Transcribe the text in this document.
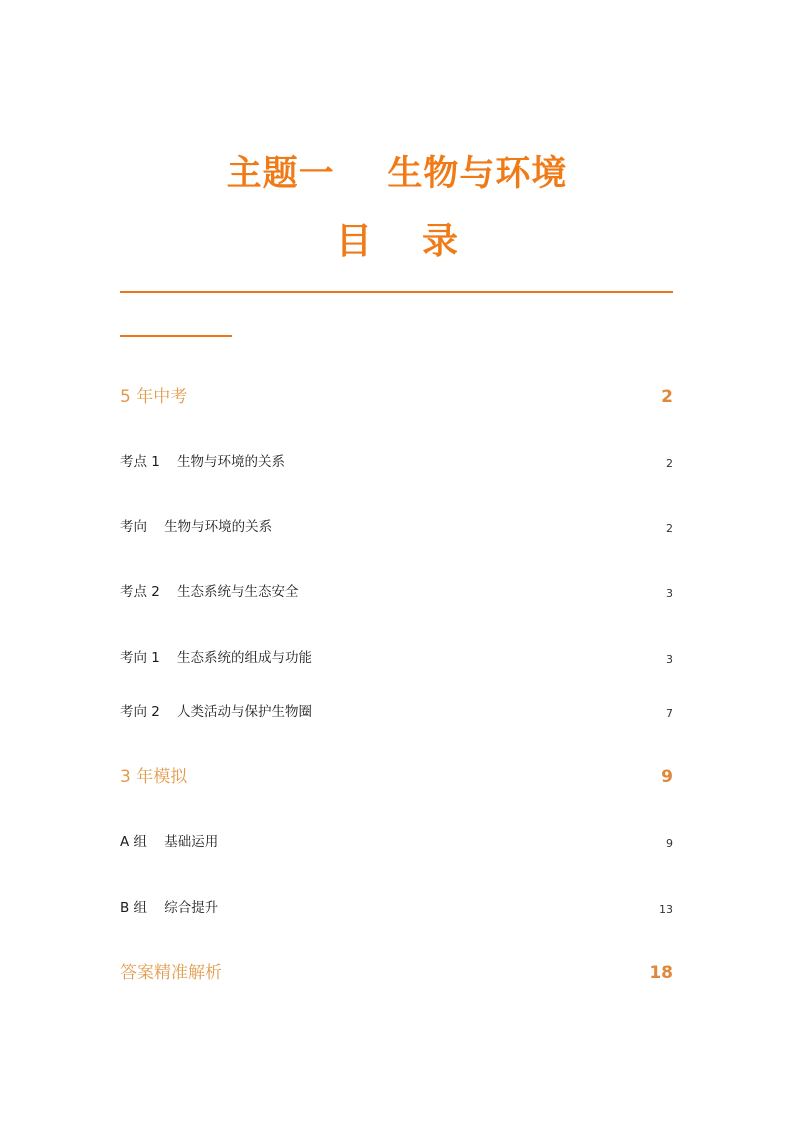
主题一    生物与环境
目    录
5 年中考	2
考点 1    生物与环境的关系	2
考向    生物与环境的关系	2
考点 2    生态系统与生态安全	3
考向 1    生态系统的组成与功能	3
考向 2    人类活动与保护生物圈	7
3 年模拟	9
A 组    基础运用	9
B 组    综合提升	13
答案精准解析	18
